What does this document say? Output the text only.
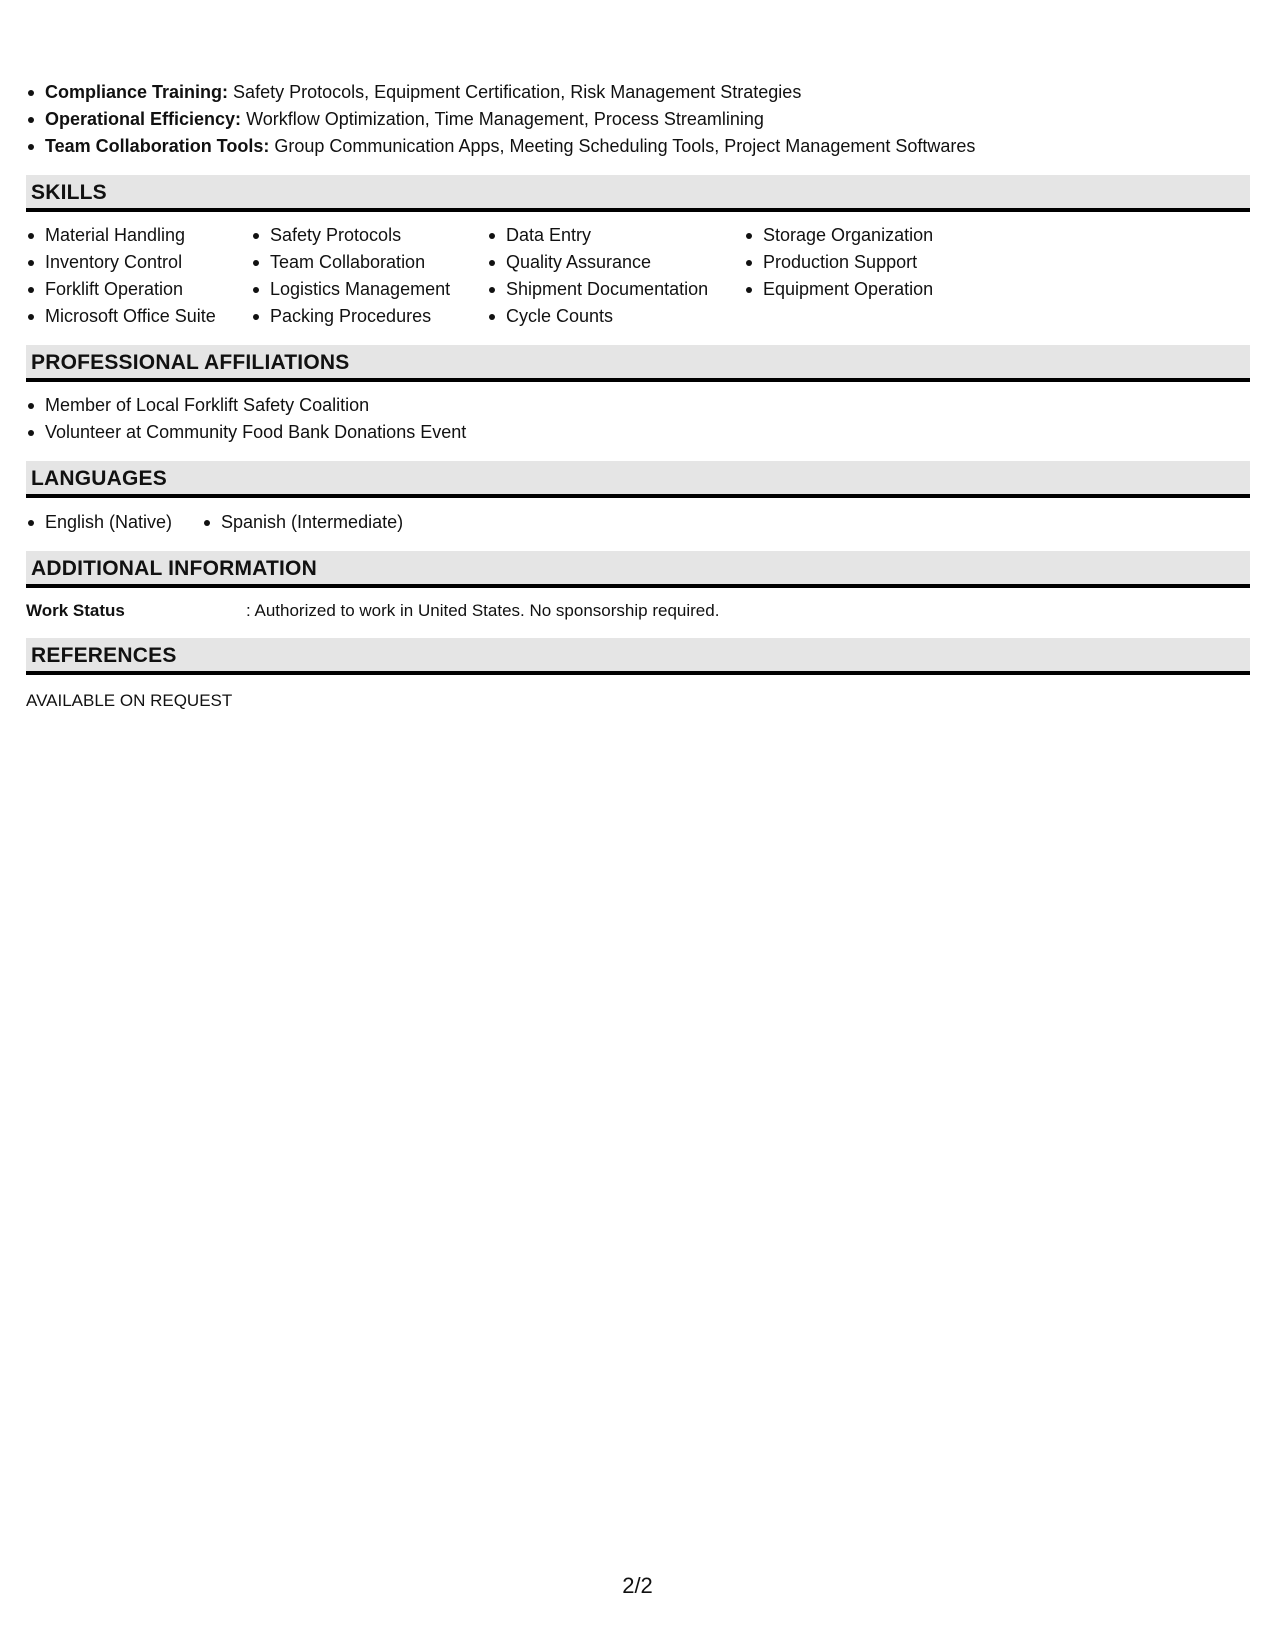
Compliance Training: Safety Protocols, Equipment Certification, Risk Management Strategies
Operational Efficiency: Workflow Optimization, Time Management, Process Streamlining
Team Collaboration Tools: Group Communication Apps, Meeting Scheduling Tools, Project Management Softwares
SKILLS
Material Handling
Inventory Control
Forklift Operation
Microsoft Office Suite
Safety Protocols
Team Collaboration
Logistics Management
Packing Procedures
Data Entry
Quality Assurance
Shipment Documentation
Cycle Counts
Storage Organization
Production Support
Equipment Operation
PROFESSIONAL AFFILIATIONS
Member of Local Forklift Safety Coalition
Volunteer at Community Food Bank Donations Event
LANGUAGES
English (Native)	Spanish (Intermediate)
ADDITIONAL INFORMATION
Work Status	: Authorized to work in United States. No sponsorship required.
REFERENCES
AVAILABLE ON REQUEST
2/2
